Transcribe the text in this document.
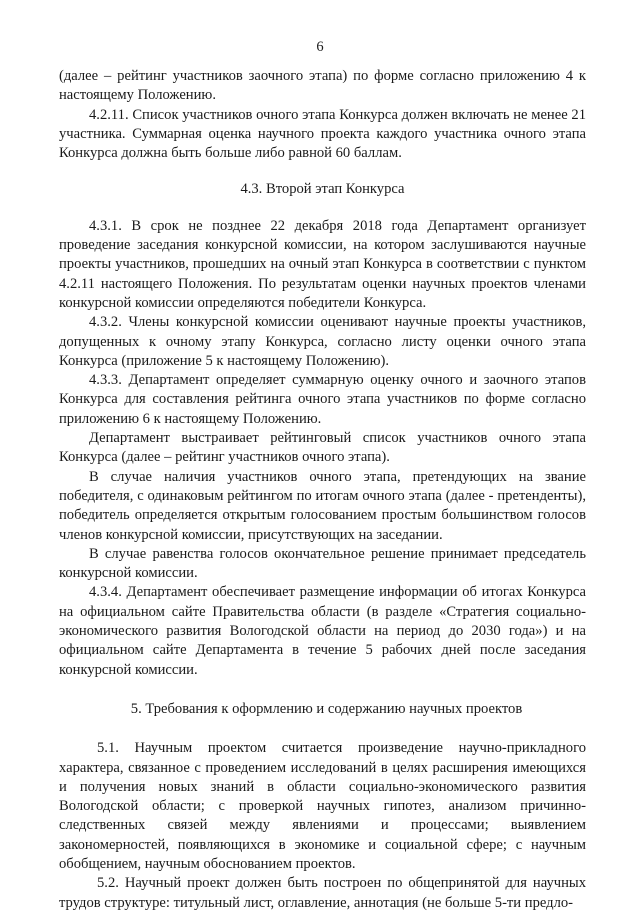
6

(далее – рейтинг участников заочного этапа) по форме согласно приложению 4 к настоящему Положению.

4.2.11. Список участников очного этапа Конкурса должен включать не менее 21 участника. Суммарная оценка научного проекта каждого участника очного этапа Конкурса должна быть больше либо равной 60 баллам.

4.3. Второй этап Конкурса

4.3.1. В срок не позднее 22 декабря 2018 года Департамент организует проведение заседания конкурсной комиссии, на котором заслушиваются научные проекты участников, прошедших на очный этап Конкурса в соответствии с пунктом 4.2.11 настоящего Положения. По результатам оценки научных проектов членами конкурсной комиссии определяются победители Конкурса.

4.3.2. Члены конкурсной комиссии оценивают научные проекты участников, допущенных к очному этапу Конкурса, согласно листу оценки очного этапа Конкурса (приложение 5 к настоящему Положению).

4.3.3. Департамент определяет суммарную оценку очного и заочного этапов Конкурса для составления рейтинга очного этапа участников по форме согласно приложению 6 к настоящему Положению.

Департамент выстраивает рейтинговый список участников очного этапа Конкурса (далее – рейтинг участников очного этапа).

В случае наличия участников очного этапа, претендующих на звание победителя, с одинаковым рейтингом по итогам очного этапа (далее - претенденты), победитель определяется открытым голосованием простым большинством голосов членов конкурсной комиссии, присутствующих на заседании.

В случае равенства голосов окончательное решение принимает председатель конкурсной комиссии.

4.3.4. Департамент обеспечивает размещение информации об итогах Конкурса на официальном сайте Правительства области (в разделе «Стратегия социально-экономического развития Вологодской области на период до 2030 года») и на официальном сайте Департамента в течение 5 рабочих дней после заседания конкурсной комиссии.

5. Требования к оформлению и содержанию научных проектов

5.1. Научным проектом считается произведение научно-прикладного характера, связанное с проведением исследований в целях расширения имеющихся и получения новых знаний в области социально-экономического развития Вологодской области; с проверкой научных гипотез, анализом причинно-следственных связей между явлениями и процессами; выявлением закономерностей, появляющихся в экономике и социальной сфере; с научным обобщением, научным обоснованием проектов.

5.2. Научный проект должен быть построен по общепринятой для научных трудов структуре: титульный лист, оглавление, аннотация (не больше 5-ти предло-
